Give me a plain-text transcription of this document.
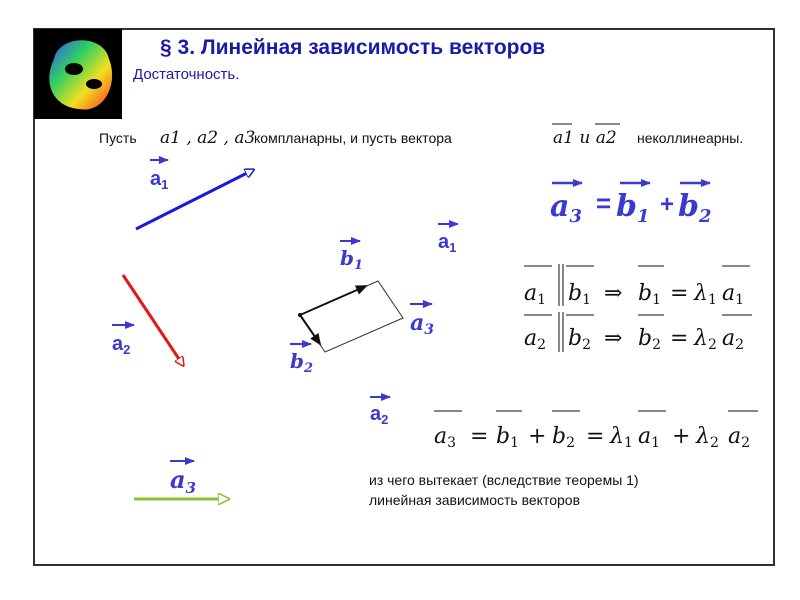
§ 3. Линейная зависимость векторов
Достаточность.
Пусть a1 , a2 , a3
компланарны, и пусть вектора	a1 и a2 неколлинеарны.
$a_1$
$a_2$
$a_3$
$b_1$
$b_2$
$a_1$
a3
$a_2$
$a_3 = b_1 + b_2$
a1 b1 ⇒ b1 = λ1 a1
a2 b2 ⇒ b2 = λ2 a2
a3 = b1 + b2 = λ1 a1 + λ2 a2
из чего вытекает (вследствие теоремы 1)
линейная зависимость векторов
